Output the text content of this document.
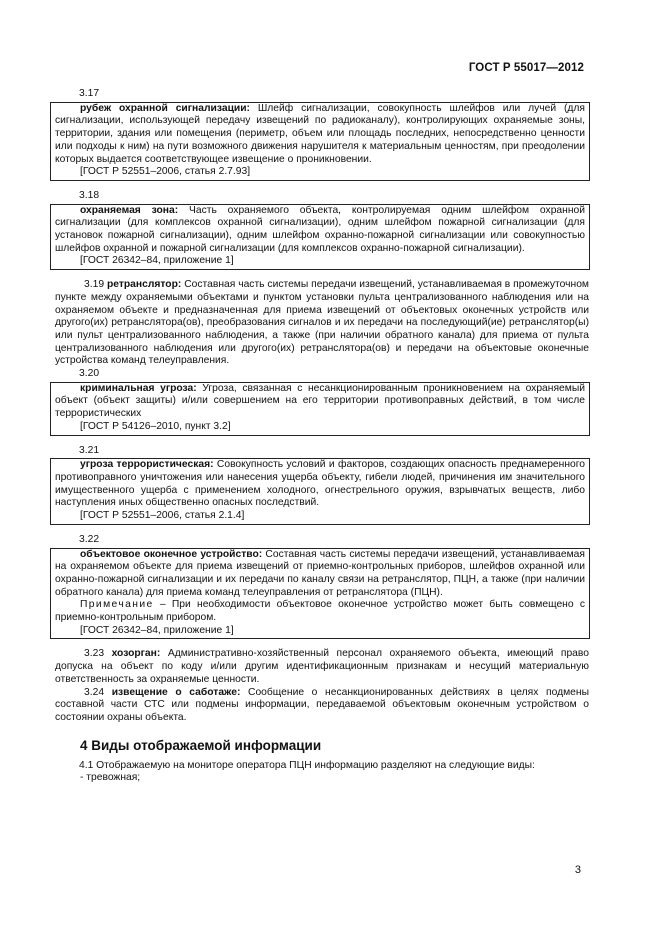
ГОСТ Р 55017—2012
3.17
рубеж охранной сигнализации: Шлейф сигнализации, совокупность шлейфов или лучей (для сигнализации, использующей передачу извещений по радиоканалу), контролирующих охраняемые зоны, территории, здания или помещения (периметр, объем или площадь последних, непосредственно ценности или подходы к ним) на пути возможного движения нарушителя к материальным ценностям, при преодолении которых выдается соответствующее извещение о проникновении.
[ГОСТ Р 52551–2006, статья 2.7.93]
3.18
охраняемая зона: Часть охраняемого объекта, контролируемая одним шлейфом охранной сигнализации (для комплексов охранной сигнализации), одним шлейфом пожарной сигнализации (для установок пожарной сигнализации), одним шлейфом охранно-пожарной сигнализации или совокупностью шлейфов охранной и пожарной сигнализации (для комплексов охранно-пожарной сигнализации).
[ГОСТ 26342–84, приложение 1]
3.19 ретранслятор: Составная часть системы передачи извещений, устанавливаемая в промежуточном пункте между охраняемыми объектами и пунктом установки пульта централизованного наблюдения или на охраняемом объекте и предназначенная для приема извещений от объектовых оконечных устройств или другого(их) ретранслятора(ов), преобразования сигналов и их передачи на последующий(ие) ретранслятор(ы) или пульт централизованного наблюдения, а также (при наличии обратного канала) для приема от пульта централизованного наблюдения или другого(их) ретранслятора(ов) и передачи на объектовые оконечные устройства команд телеуправления.
3.20
криминальная угроза: Угроза, связанная с несанкционированным проникновением на охраняемый объект (объект защиты) и/или совершением на его территории противоправных действий, в том числе террористических
[ГОСТ Р 54126–2010, пункт 3.2]
3.21
угроза террористическая: Совокупность условий и факторов, создающих опасность преднамеренного противоправного уничтожения или нанесения ущерба объекту, гибели людей, причинения им значительного имущественного ущерба с применением холодного, огнестрельного оружия, взрывчатых веществ, либо наступления иных общественно опасных последствий.
[ГОСТ Р 52551–2006, статья 2.1.4]
3.22
объектовое оконечное устройство: Составная часть системы передачи извещений, устанавливаемая на охраняемом объекте для приема извещений от приемно-контрольных приборов, шлейфов охранной или охранно-пожарной сигнализации и их передачи по каналу связи на ретранслятор, ПЦН, а также (при наличии обратного канала) для приема команд телеуправления от ретранслятора (ПЦН).
Примечание – При необходимости объектовое оконечное устройство может быть совмещено с приемно-контрольным прибором.
[ГОСТ 26342–84, приложение 1]
3.23 хозорган: Административно-хозяйственный персонал охраняемого объекта, имеющий право допуска на объект по коду и/или другим идентификационным признакам и несущий материальную ответственность за охраняемые ценности.
3.24 извещение о саботаже: Сообщение о несанкционированных действиях в целях подмены составной части СТС или подмены информации, передаваемой объектовым оконечным устройством о состоянии охраны объекта.
4 Виды отображаемой информации
4.1 Отображаемую на мониторе оператора ПЦН информацию разделяют на следующие виды:
- тревожная;
3
